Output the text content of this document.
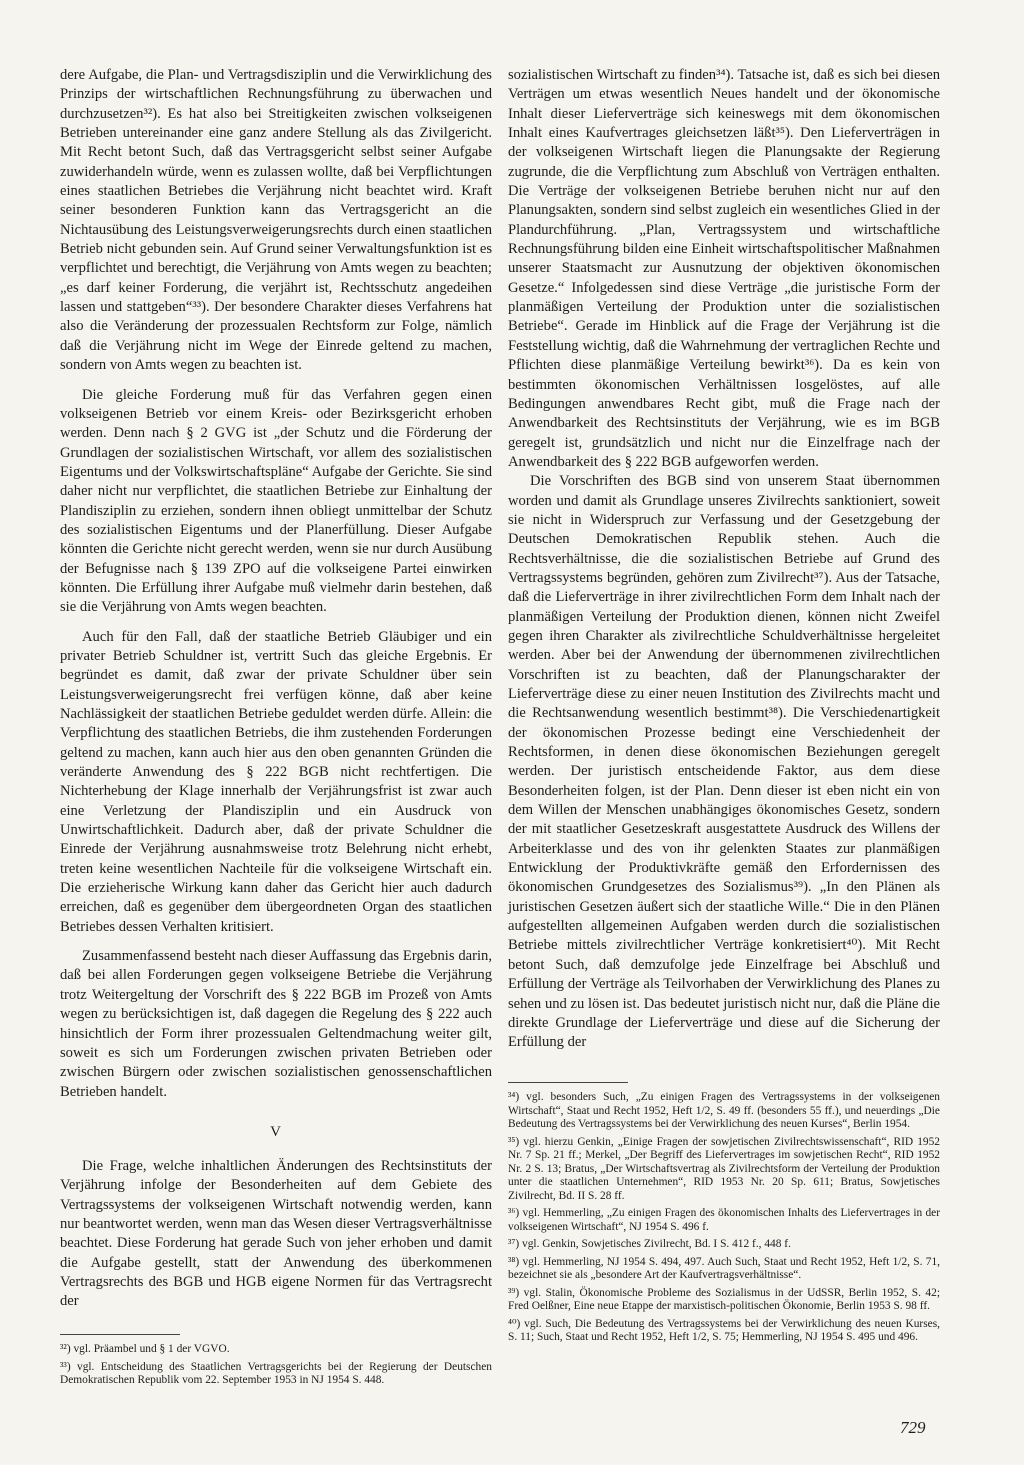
dere Aufgabe, die Plan- und Vertragsdisziplin und die Verwirklichung des Prinzips der wirtschaftlichen Rechnungsführung zu überwachen und durchzusetzen³²). Es hat also bei Streitigkeiten zwischen volkseigenen Betrieben untereinander eine ganz andere Stellung als das Zivilgericht. Mit Recht betont Such, daß das Vertragsgericht selbst seiner Aufgabe zuwiderhandeln würde, wenn es zulassen wollte, daß bei Verpflichtungen eines staatlichen Betriebes die Verjährung nicht beachtet wird. Kraft seiner besonderen Funktion kann das Vertragsgericht an die Nichtausübung des Leistungsverweigerungsrechts durch einen staatlichen Betrieb nicht gebunden sein. Auf Grund seiner Verwaltungsfunktion ist es verpflichtet und berechtigt, die Verjährung von Amts wegen zu beachten; „es darf keiner Forderung, die verjährt ist, Rechtsschutz angedeihen lassen und stattgeben“³³). Der besondere Charakter dieses Verfahrens hat also die Veränderung der prozessualen Rechtsform zur Folge, nämlich daß die Verjährung nicht im Wege der Einrede geltend zu machen, sondern von Amts wegen zu beachten ist.

Die gleiche Forderung muß für das Verfahren gegen einen volkseigenen Betrieb vor einem Kreis- oder Bezirksgericht erhoben werden. Denn nach § 2 GVG ist „der Schutz und die Förderung der Grundlagen der sozialistischen Wirtschaft, vor allem des sozialistischen Eigentums und der Volkswirtschaftspläne“ Aufgabe der Gerichte. Sie sind daher nicht nur verpflichtet, die staatlichen Betriebe zur Einhaltung der Plandisziplin zu erziehen, sondern ihnen obliegt unmittelbar der Schutz des sozialistischen Eigentums und der Planerfüllung. Dieser Aufgabe könnten die Gerichte nicht gerecht werden, wenn sie nur durch Ausübung der Befugnisse nach § 139 ZPO auf die volkseigene Partei einwirken könnten. Die Erfüllung ihrer Aufgabe muß vielmehr darin bestehen, daß sie die Verjährung von Amts wegen beachten.

Auch für den Fall, daß der staatliche Betrieb Gläubiger und ein privater Betrieb Schuldner ist, vertritt Such das gleiche Ergebnis. Er begründet es damit, daß zwar der private Schuldner über sein Leistungsverweigerungsrecht frei verfügen könne, daß aber keine Nachlässigkeit der staatlichen Betriebe geduldet werden dürfe. Allein: die Verpflichtung des staatlichen Betriebs, die ihm zustehenden Forderungen geltend zu machen, kann auch hier aus den oben genannten Gründen die veränderte Anwendung des § 222 BGB nicht rechtfertigen. Die Nichterhebung der Klage innerhalb der Verjährungsfrist ist zwar auch eine Verletzung der Plandisziplin und ein Ausdruck von Unwirtschaftlichkeit. Dadurch aber, daß der private Schuldner die Einrede der Verjährung ausnahmsweise trotz Belehrung nicht erhebt, treten keine wesentlichen Nachteile für die volkseigene Wirtschaft ein. Die erzieherische Wirkung kann daher das Gericht hier auch dadurch erreichen, daß es gegenüber dem übergeordneten Organ des staatlichen Betriebes dessen Verhalten kritisiert.

Zusammenfassend besteht nach dieser Auffassung das Ergebnis darin, daß bei allen Forderungen gegen volkseigene Betriebe die Verjährung trotz Weitergeltung der Vorschrift des § 222 BGB im Prozeß von Amts wegen zu berücksichtigen ist, daß dagegen die Regelung des § 222 auch hinsichtlich der Form ihrer prozessualen Geltendmachung weiter gilt, soweit es sich um Forderungen zwischen privaten Betrieben oder zwischen Bürgern oder zwischen sozialistischen genossenschaftlichen Betrieben handelt.

V

Die Frage, welche inhaltlichen Änderungen des Rechtsinstituts der Verjährung infolge der Besonderheiten auf dem Gebiete des Vertragssystems der volkseigenen Wirtschaft notwendig werden, kann nur beantwortet werden, wenn man das Wesen dieser Vertragsverhältnisse beachtet. Diese Forderung hat gerade Such von jeher erhoben und damit die Aufgabe gestellt, statt der Anwendung des überkommenen Vertragsrechts des BGB und HGB eigene Normen für das Vertragsrecht der

sozialistischen Wirtschaft zu finden³⁴). Tatsache ist, daß es sich bei diesen Verträgen um etwas wesentlich Neues handelt und der ökonomische Inhalt dieser Lieferverträge sich keineswegs mit dem ökonomischen Inhalt eines Kaufvertrages gleichsetzen läßt³⁵). Den Lieferverträgen in der volkseigenen Wirtschaft liegen die Planungsakte der Regierung zugrunde, die die Verpflichtung zum Abschluß von Verträgen enthalten. Die Verträge der volkseigenen Betriebe beruhen nicht nur auf den Planungsakten, sondern sind selbst zugleich ein wesentliches Glied in der Plandurchführung. „Plan, Vertragssystem und wirtschaftliche Rechnungsführung bilden eine Einheit wirtschaftspolitischer Maßnahmen unserer Staatsmacht zur Ausnutzung der objektiven ökonomischen Gesetze.“ Infolgedessen sind diese Verträge „die juristische Form der planmäßigen Verteilung der Produktion unter die sozialistischen Betriebe“. Gerade im Hinblick auf die Frage der Verjährung ist die Feststellung wichtig, daß die Wahrnehmung der vertraglichen Rechte und Pflichten diese planmäßige Verteilung bewirkt³⁶). Da es kein von bestimmten ökonomischen Verhältnissen losgelöstes, auf alle Bedingungen anwendbares Recht gibt, muß die Frage nach der Anwendbarkeit des Rechtsinstituts der Verjährung, wie es im BGB geregelt ist, grundsätzlich und nicht nur die Einzelfrage nach der Anwendbarkeit des § 222 BGB aufgeworfen werden.

Die Vorschriften des BGB sind von unserem Staat übernommen worden und damit als Grundlage unseres Zivilrechts sanktioniert, soweit sie nicht in Widerspruch zur Verfassung und der Gesetzgebung der Deutschen Demokratischen Republik stehen. Auch die Rechtsverhältnisse, die die sozialistischen Betriebe auf Grund des Vertragssystems begründen, gehören zum Zivilrecht³⁷). Aus der Tatsache, daß die Lieferverträge in ihrer zivilrechtlichen Form dem Inhalt nach der planmäßigen Verteilung der Produktion dienen, können nicht Zweifel gegen ihren Charakter als zivilrechtliche Schuldverhältnisse hergeleitet werden. Aber bei der Anwendung der übernommenen zivilrechtlichen Vorschriften ist zu beachten, daß der Planungscharakter der Lieferverträge diese zu einer neuen Institution des Zivilrechts macht und die Rechtsanwendung wesentlich bestimmt³⁸). Die Verschiedenartigkeit der ökonomischen Prozesse bedingt eine Verschiedenheit der Rechtsformen, in denen diese ökonomischen Beziehungen geregelt werden. Der juristisch entscheidende Faktor, aus dem diese Besonderheiten folgen, ist der Plan. Denn dieser ist eben nicht ein von dem Willen der Menschen unabhängiges ökonomisches Gesetz, sondern der mit staatlicher Gesetzeskraft ausgestattete Ausdruck des Willens der Arbeiterklasse und des von ihr gelenkten Staates zur planmäßigen Entwicklung der Produktivkräfte gemäß den Erfordernissen des ökonomischen Grundgesetzes des Sozialismus³⁹). „In den Plänen als juristischen Gesetzen äußert sich der staatliche Wille.“ Die in den Plänen aufgestellten allgemeinen Aufgaben werden durch die sozialistischen Betriebe mittels zivilrechtlicher Verträge konkretisiert⁴⁰). Mit Recht betont Such, daß demzufolge jede Einzelfrage bei Abschluß und Erfüllung der Verträge als Teilvorhaben der Verwirklichung des Planes zu sehen und zu lösen ist. Das bedeutet juristisch nicht nur, daß die Pläne die direkte Grundlage der Lieferverträge und diese auf die Sicherung der Erfüllung der

³⁴) vgl. besonders Such, „Zu einigen Fragen des Vertragssystems in der volkseigenen Wirtschaft“, Staat und Recht 1952, Heft 1/2, S. 49 ff. (besonders 55 ff.), und neuerdings „Die Bedeutung des Vertragssystems bei der Verwirklichung des neuen Kurses“, Berlin 1954.

³⁵) vgl. hierzu Genkin, „Einige Fragen der sowjetischen Zivilrechtswissenschaft“, RID 1952 Nr. 7 Sp. 21 ff.; Merkel, „Der Begriff des Liefervertrages im sowjetischen Recht“, RID 1952 Nr. 2 S. 13; Bratus, „Der Wirtschaftsvertrag als Zivilrechtsform der Verteilung der Produktion unter die staatlichen Unternehmen“, RID 1953 Nr. 20 Sp. 611; Bratus, Sowjetisches Zivilrecht, Bd. II S. 28 ff.

³⁶) vgl. Hemmerling, „Zu einigen Fragen des ökonomischen Inhalts des Liefervertrages in der volkseigenen Wirtschaft“, NJ 1954 S. 496 f.

³⁷) vgl. Genkin, Sowjetisches Zivilrecht, Bd. I S. 412 f., 448 f.

³⁸) vgl. Hemmerling, NJ 1954 S. 494, 497. Auch Such, Staat und Recht 1952, Heft 1/2, S. 71, bezeichnet sie als „besondere Art der Kaufvertragsverhältnisse“.

³⁹) vgl. Stalin, Ökonomische Probleme des Sozialismus in der UdSSR, Berlin 1952, S. 42; Fred Oelßner, Eine neue Etappe der marxistisch-politischen Ökonomie, Berlin 1953 S. 98 ff.

⁴⁰) vgl. Such, Die Bedeutung des Vertragssystems bei der Verwirklichung des neuen Kurses, S. 11; Such, Staat und Recht 1952, Heft 1/2, S. 75; Hemmerling, NJ 1954 S. 495 und 496.

³²) vgl. Präambel und § 1 der VGVO.

³³) vgl. Entscheidung des Staatlichen Vertragsgerichts bei der Regierung der Deutschen Demokratischen Republik vom 22. September 1953 in NJ 1954 S. 448.

729
